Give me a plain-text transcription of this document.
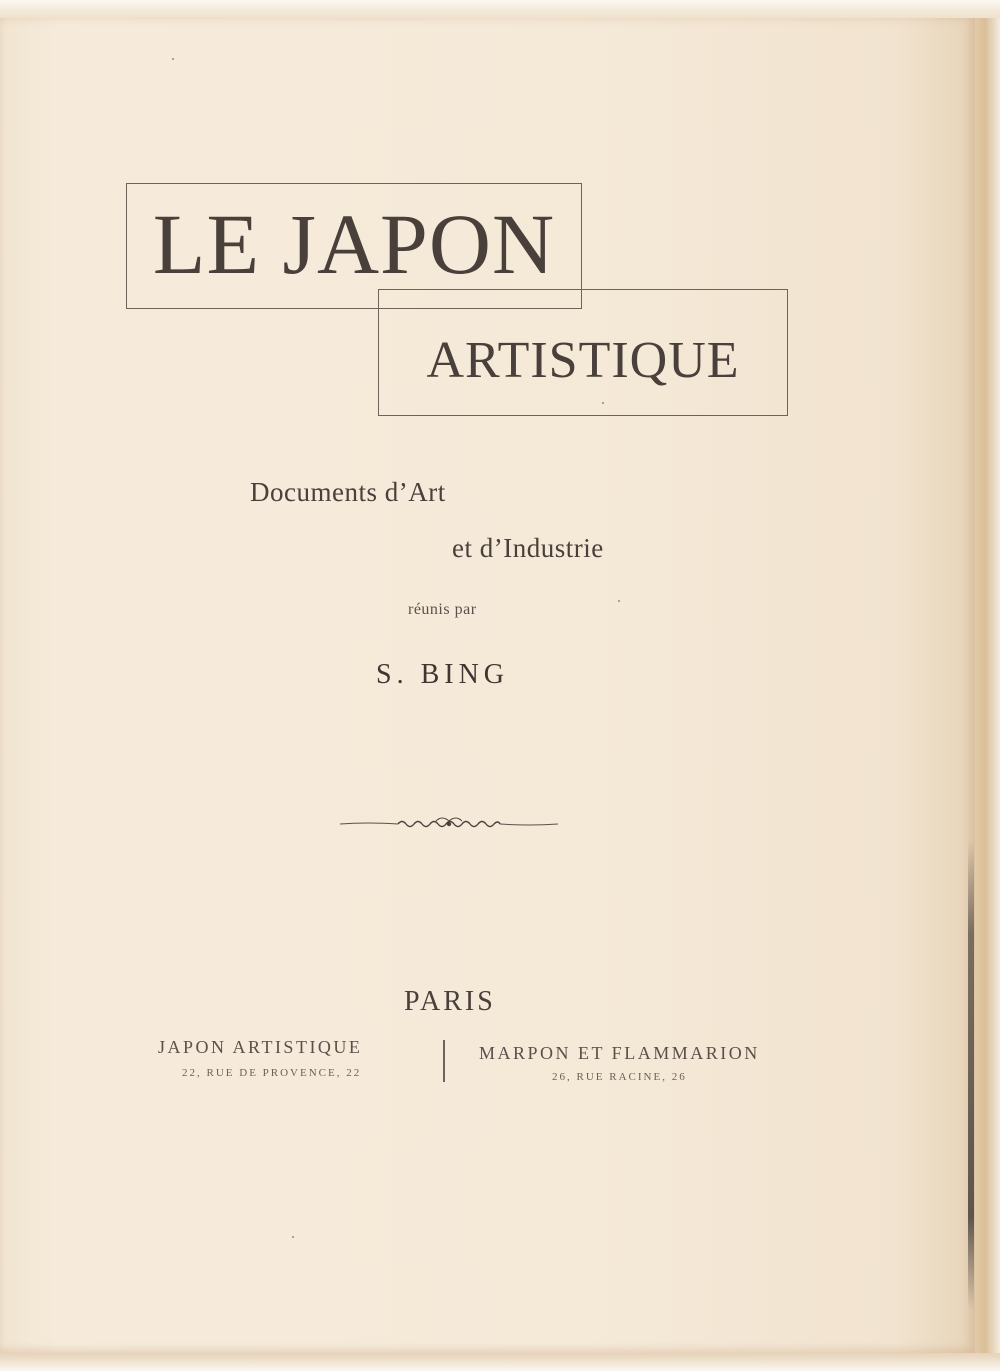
LE JAPON
ARTISTIQUE
Documents d’Art
et d’Industrie
réunis par
S. BING
PARIS
JAPON ARTISTIQUE
22, RUE DE PROVENCE, 22
MARPON ET FLAMMARION
26, RUE RACINE, 26
